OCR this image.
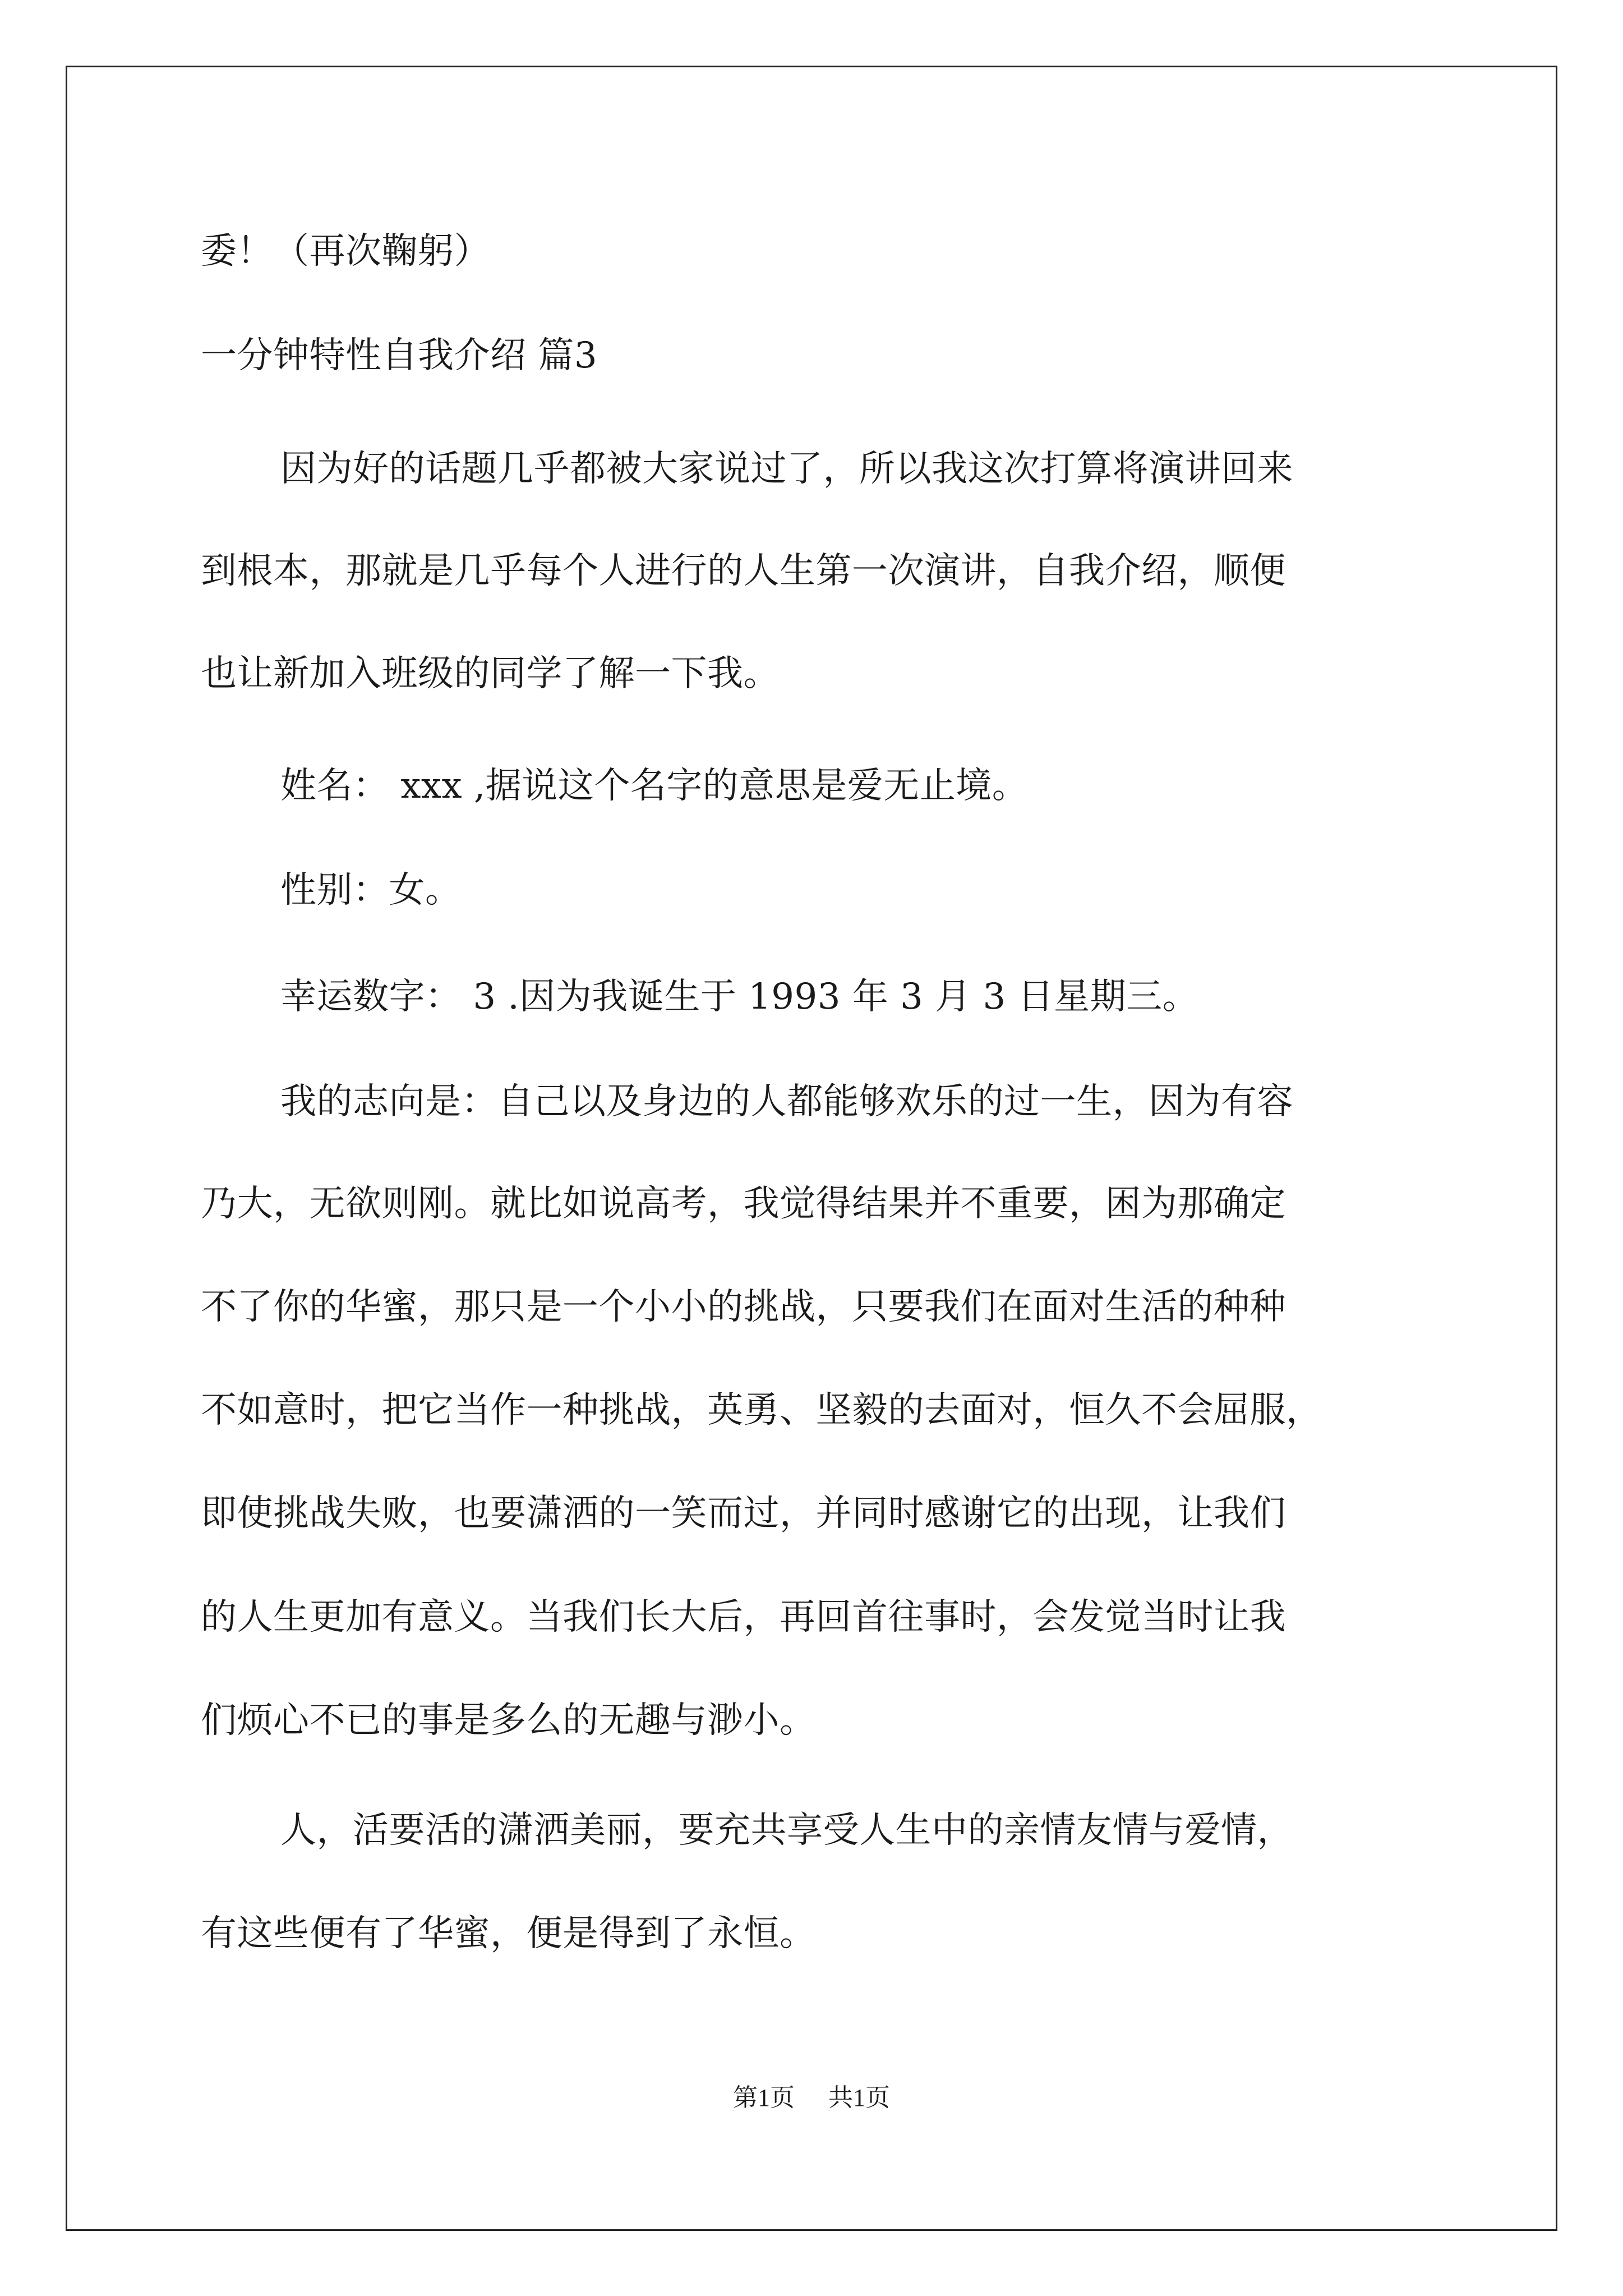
委！（再次鞠躬）
一分钟特性自我介绍 篇3
因为好的话题几乎都被大家说过了，所以我这次打算将演讲回来
到根本，那就是几乎每个人进行的人生第一次演讲，自我介绍，顺便
也让新加入班级的同学了解一下我。
姓名： xxx ,据说这个名字的意思是爱无止境。
性别：女。
幸运数字： 3 .因为我诞生于 1993 年 3 月 3 日星期三。
我的志向是：自己以及身边的人都能够欢乐的过一生，因为有容
乃大，无欲则刚。就比如说高考，我觉得结果并不重要，困为那确定
不了你的华蜜，那只是一个小小的挑战，只要我们在面对生活的种种
不如意时，把它当作一种挑战，英勇、坚毅的去面对，恒久不会屈服，
即使挑战失败，也要潇洒的一笑而过，并同时感谢它的出现，让我们
的人生更加有意义。当我们长大后，再回首往事时，会发觉当时让我
们烦心不已的事是多么的无趣与渺小。
人，活要活的潇洒美丽，要充共享受人生中的亲情友情与爱情，
有这些便有了华蜜，便是得到了永恒。
第1页 共1页
